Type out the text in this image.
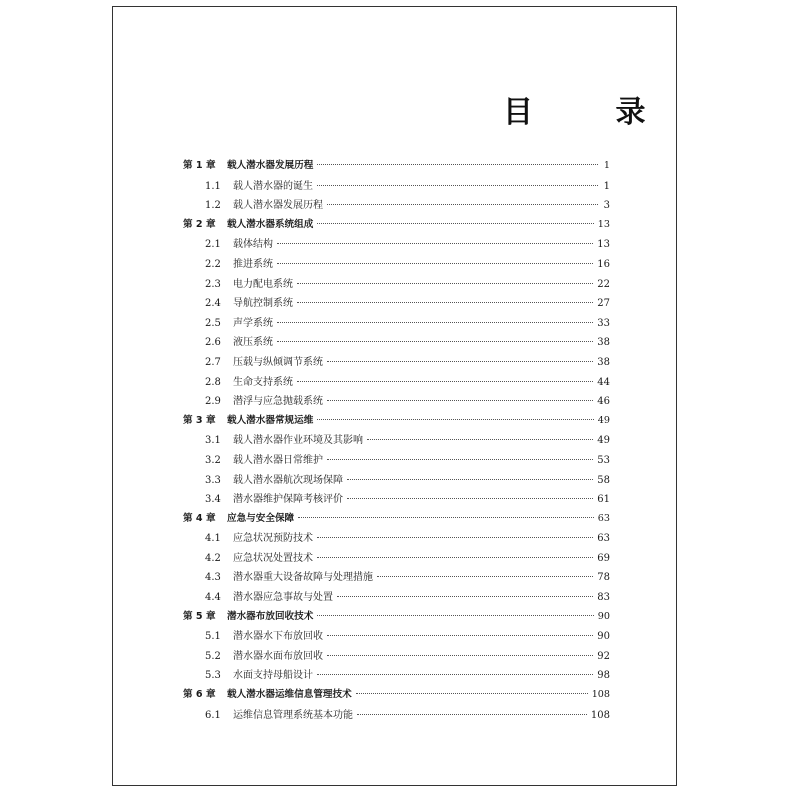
目 录
第 1 章	载人潜水器发展历程	1
1.1	载人潜水器的诞生	1
1.2	载人潜水器发展历程	3
第 2 章	载人潜水器系统组成	13
2.1	载体结构	13
2.2	推进系统	16
2.3	电力配电系统	22
2.4	导航控制系统	27
2.5	声学系统	33
2.6	液压系统	38
2.7	压载与纵倾调节系统	38
2.8	生命支持系统	44
2.9	潜浮与应急抛载系统	46
第 3 章	载人潜水器常规运维	49
3.1	载人潜水器作业环境及其影响	49
3.2	载人潜水器日常维护	53
3.3	载人潜水器航次现场保障	58
3.4	潜水器维护保障考核评价	61
第 4 章	应急与安全保障	63
4.1	应急状况预防技术	63
4.2	应急状况处置技术	69
4.3	潜水器重大设备故障与处理措施	78
4.4	潜水器应急事故与处置	83
第 5 章	潜水器布放回收技术	90
5.1	潜水器水下布放回收	90
5.2	潜水器水面布放回收	92
5.3	水面支持母船设计	98
第 6 章	载人潜水器运维信息管理技术	108
6.1	运维信息管理系统基本功能	108
